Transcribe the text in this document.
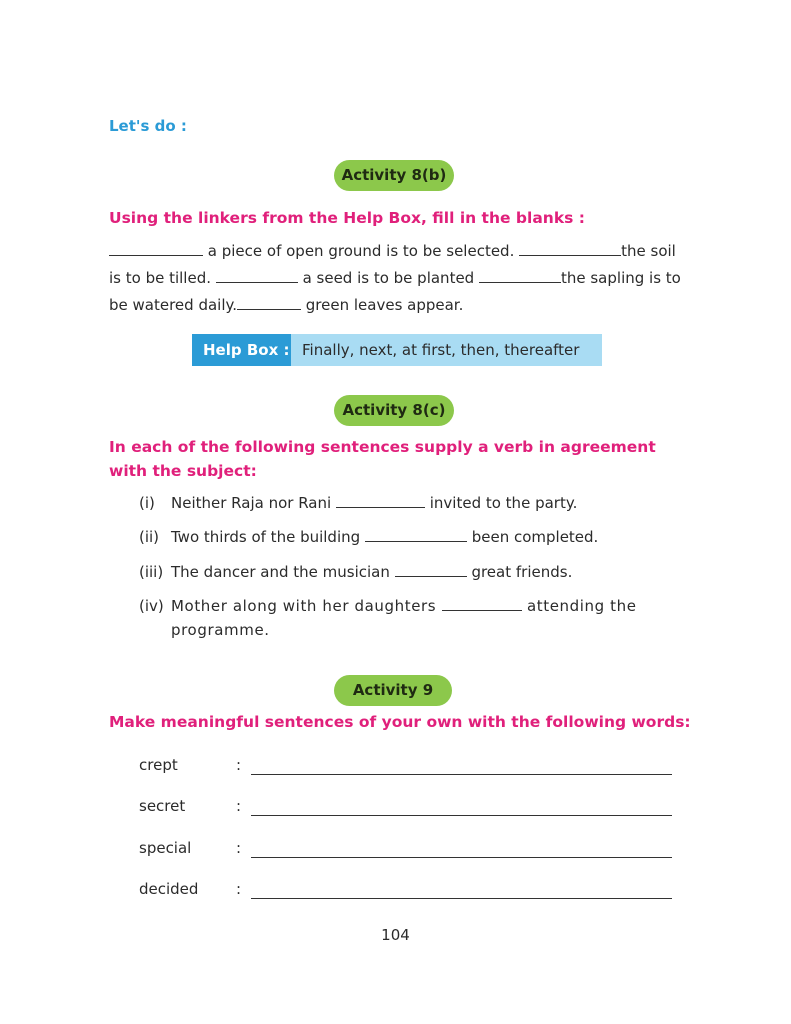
Let's do :
Activity 8(b)
Using the linkers from the Help Box, fill in the blanks :
a piece of open ground is to be selected.	the soil
is to be tilled.	a seed is to be planted	the sapling is to
be watered daily.	green leaves appear.
Help Box : Finally, next, at first, then, thereafter
Activity 8(c)
In each of the following sentences supply a verb in agreement with the subject:
(i)	Neither Raja nor Rani	invited to the party.
(ii) Two thirds of the building	been completed.
(iii) The dancer and the musician	great friends.
(iv) Mother along with her daughters	attending the programme.
Activity 9
Make meaningful sentences of your own with the following words:
crept	:
secret	:
special	:
decided	:
104
